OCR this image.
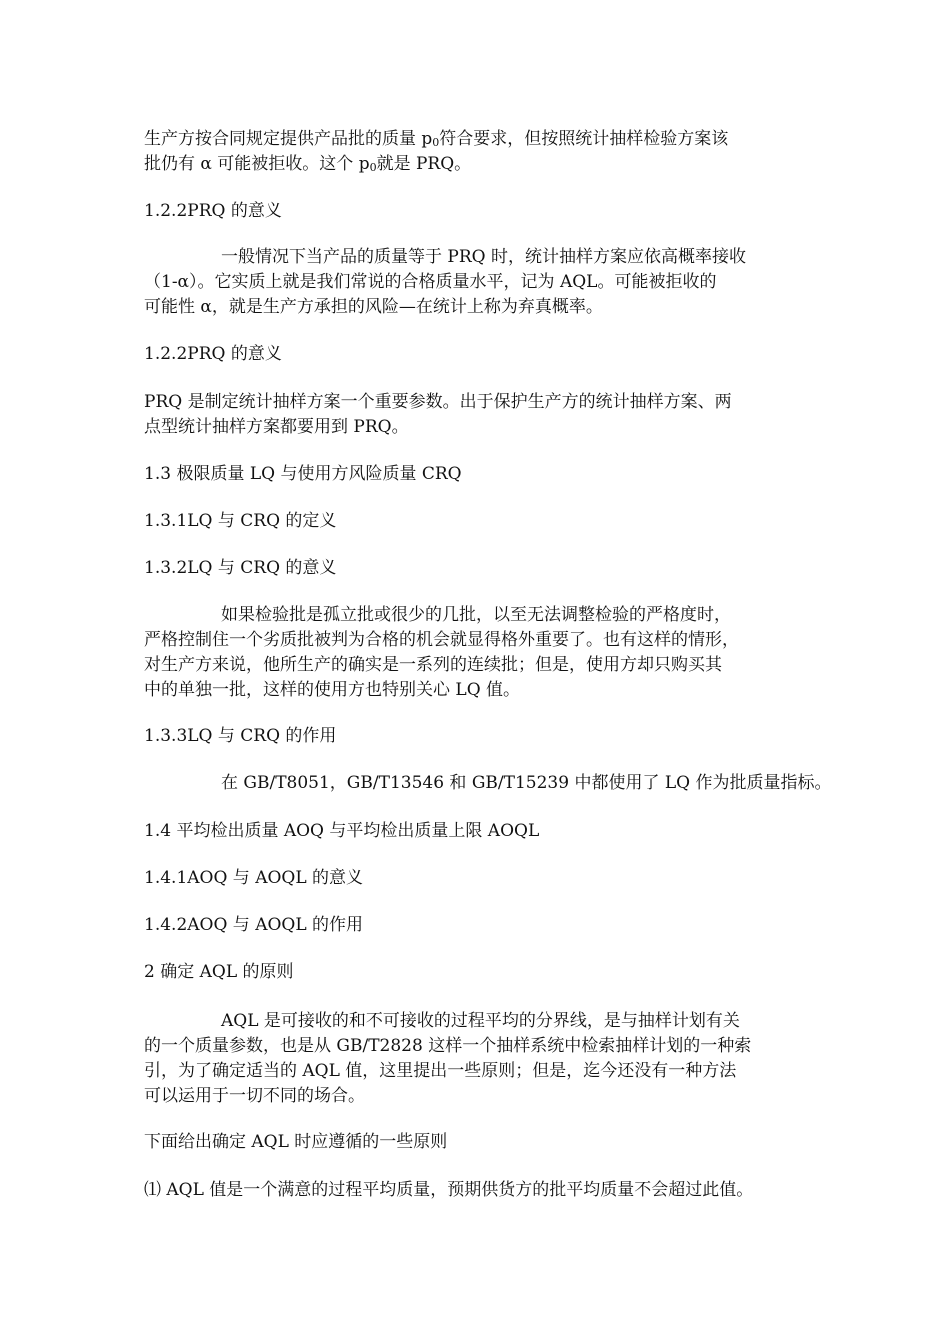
生产方按合同规定提供产品批的质量 $p_0$符合要求，但按照统计抽样检验方案该
批仍有 α 可能被拒收。这个 $p_0$就是 PRQ。
1.2.2PRQ 的意义
一般情况下当产品的质量等于 PRQ 时，统计抽样方案应依高概率接收
（1-α）。它实质上就是我们常说的合格质量水平，记为 AQL。可能被拒收的
可能性 α，就是生产方承担的风险—在统计上称为弃真概率。
1.2.2PRQ 的意义
PRQ 是制定统计抽样方案一个重要参数。出于保护生产方的统计抽样方案、两
点型统计抽样方案都要用到 PRQ。
1.3 极限质量 LQ 与使用方风险质量 CRQ
1.3.1LQ 与 CRQ 的定义
1.3.2LQ 与 CRQ 的意义
如果检验批是孤立批或很少的几批，以至无法调整检验的严格度时，
严格控制住一个劣质批被判为合格的机会就显得格外重要了。也有这样的情形，
对生产方来说，他所生产的确实是一系列的连续批；但是，使用方却只购买其
中的单独一批，这样的使用方也特别关心 LQ 值。
1.3.3LQ 与 CRQ 的作用
在 GB/T8051，GB/T13546 和 GB/T15239 中都使用了 LQ 作为批质量指标。
1.4 平均检出质量 AOQ 与平均检出质量上限 AOQL
1.4.1AOQ 与 AOQL 的意义
1.4.2AOQ 与 AOQL 的作用
2 确定 AQL 的原则
AQL 是可接收的和不可接收的过程平均的分界线，是与抽样计划有关
的一个质量参数，也是从 GB/T2828 这样一个抽样系统中检索抽样计划的一种索
引，为了确定适当的 AQL 值，这里提出一些原则；但是，迄今还没有一种方法
可以运用于一切不同的场合。
下面给出确定 AQL 时应遵循的一些原则
⑴ AQL 值是一个满意的过程平均质量，预期供货方的批平均质量不会超过此值。
